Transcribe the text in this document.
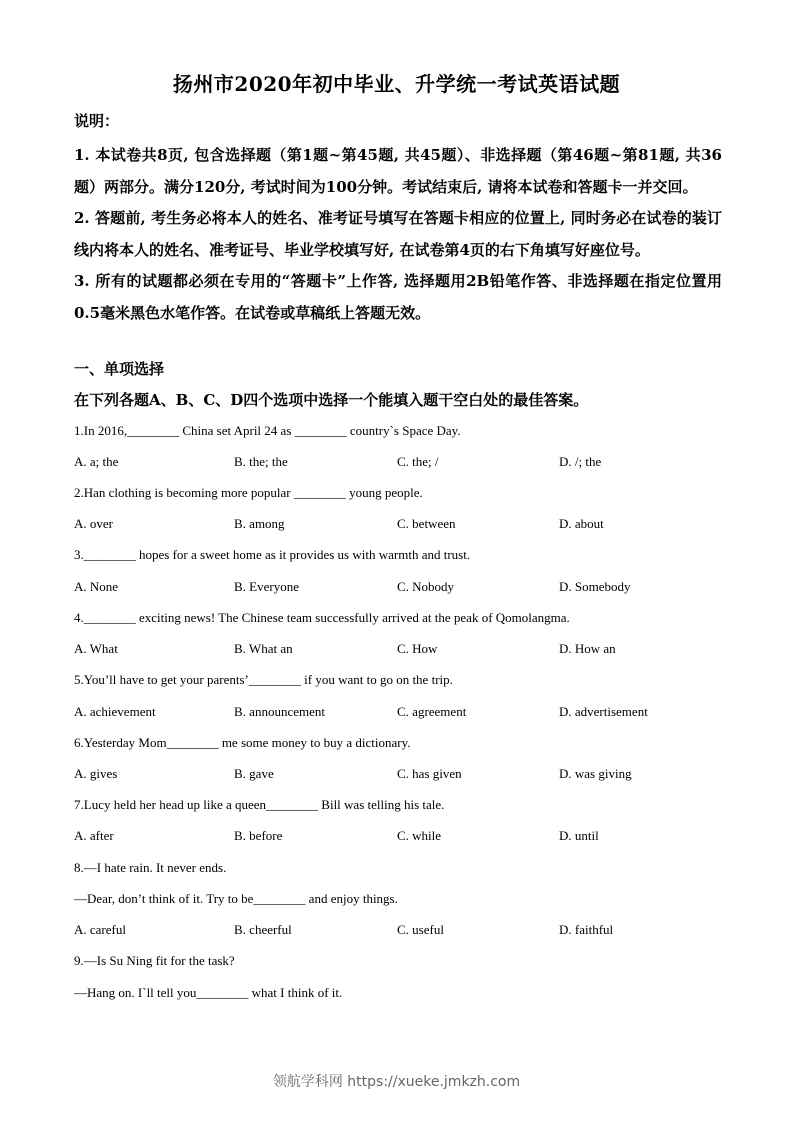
扬州市2020年初中毕业、升学统一考试英语试题
说明：

1. 本试卷共8页, 包含选择题（第1题~第45题, 共45题）、非选择题（第46题~第81题, 共36题）两部分。满分120分, 考试时间为100分钟。考试结束后, 请将本试卷和答题卡一并交回。

2. 答题前, 考生务必将本人的姓名、准考证号填写在答题卡相应的位置上, 同时务必在试卷的装订线内将本人的姓名、准考证号、毕业学校填写好, 在试卷第4页的右下角填写好座位号。

3. 所有的试题都必须在专用的“答题卡”上作答, 选择题用2B铅笔作答、非选择题在指定位置用0.5毫米黑色水笔作答。在试卷或草稿纸上答题无效。

一、单项选择
在下列各题A、B、C、D四个选项中选择一个能填入题干空白处的最佳答案。
1.In 2016,________ China set April 24 as ________ country`s Space Day.
A. a; the	B. the; the	C. the; /	D. /; the
2.Han clothing is becoming more popular ________ young people.
A. over	B. among	C. between	D. about
3.________ hopes for a sweet home as it provides us with warmth and trust.
A. None	B. Everyone	C. Nobody	D. Somebody
4.________ exciting news! The Chinese team successfully arrived at the peak of Qomolangma.
A. What	B. What an	C. How	D. How an
5.You’ll have to get your parents’________ if you want to go on the trip.
A. achievement	B. announcement	C. agreement	D. advertisement
6.Yesterday Mom________ me some money to buy a dictionary.
A. gives	B. gave	C. has given	D. was giving
7.Lucy held her head up like a queen________ Bill was telling his tale.
A. after	B. before	C. while	D. until
8.—I hate rain. It never ends.
—Dear, don’t think of it. Try to be________ and enjoy things.
A. careful	B. cheerful	C. useful	D. faithful
9.—Is Su Ning fit for the task?
—Hang on. I`ll tell you________ what I think of it.
领航学科网 https://xueke.jmkzh.com
